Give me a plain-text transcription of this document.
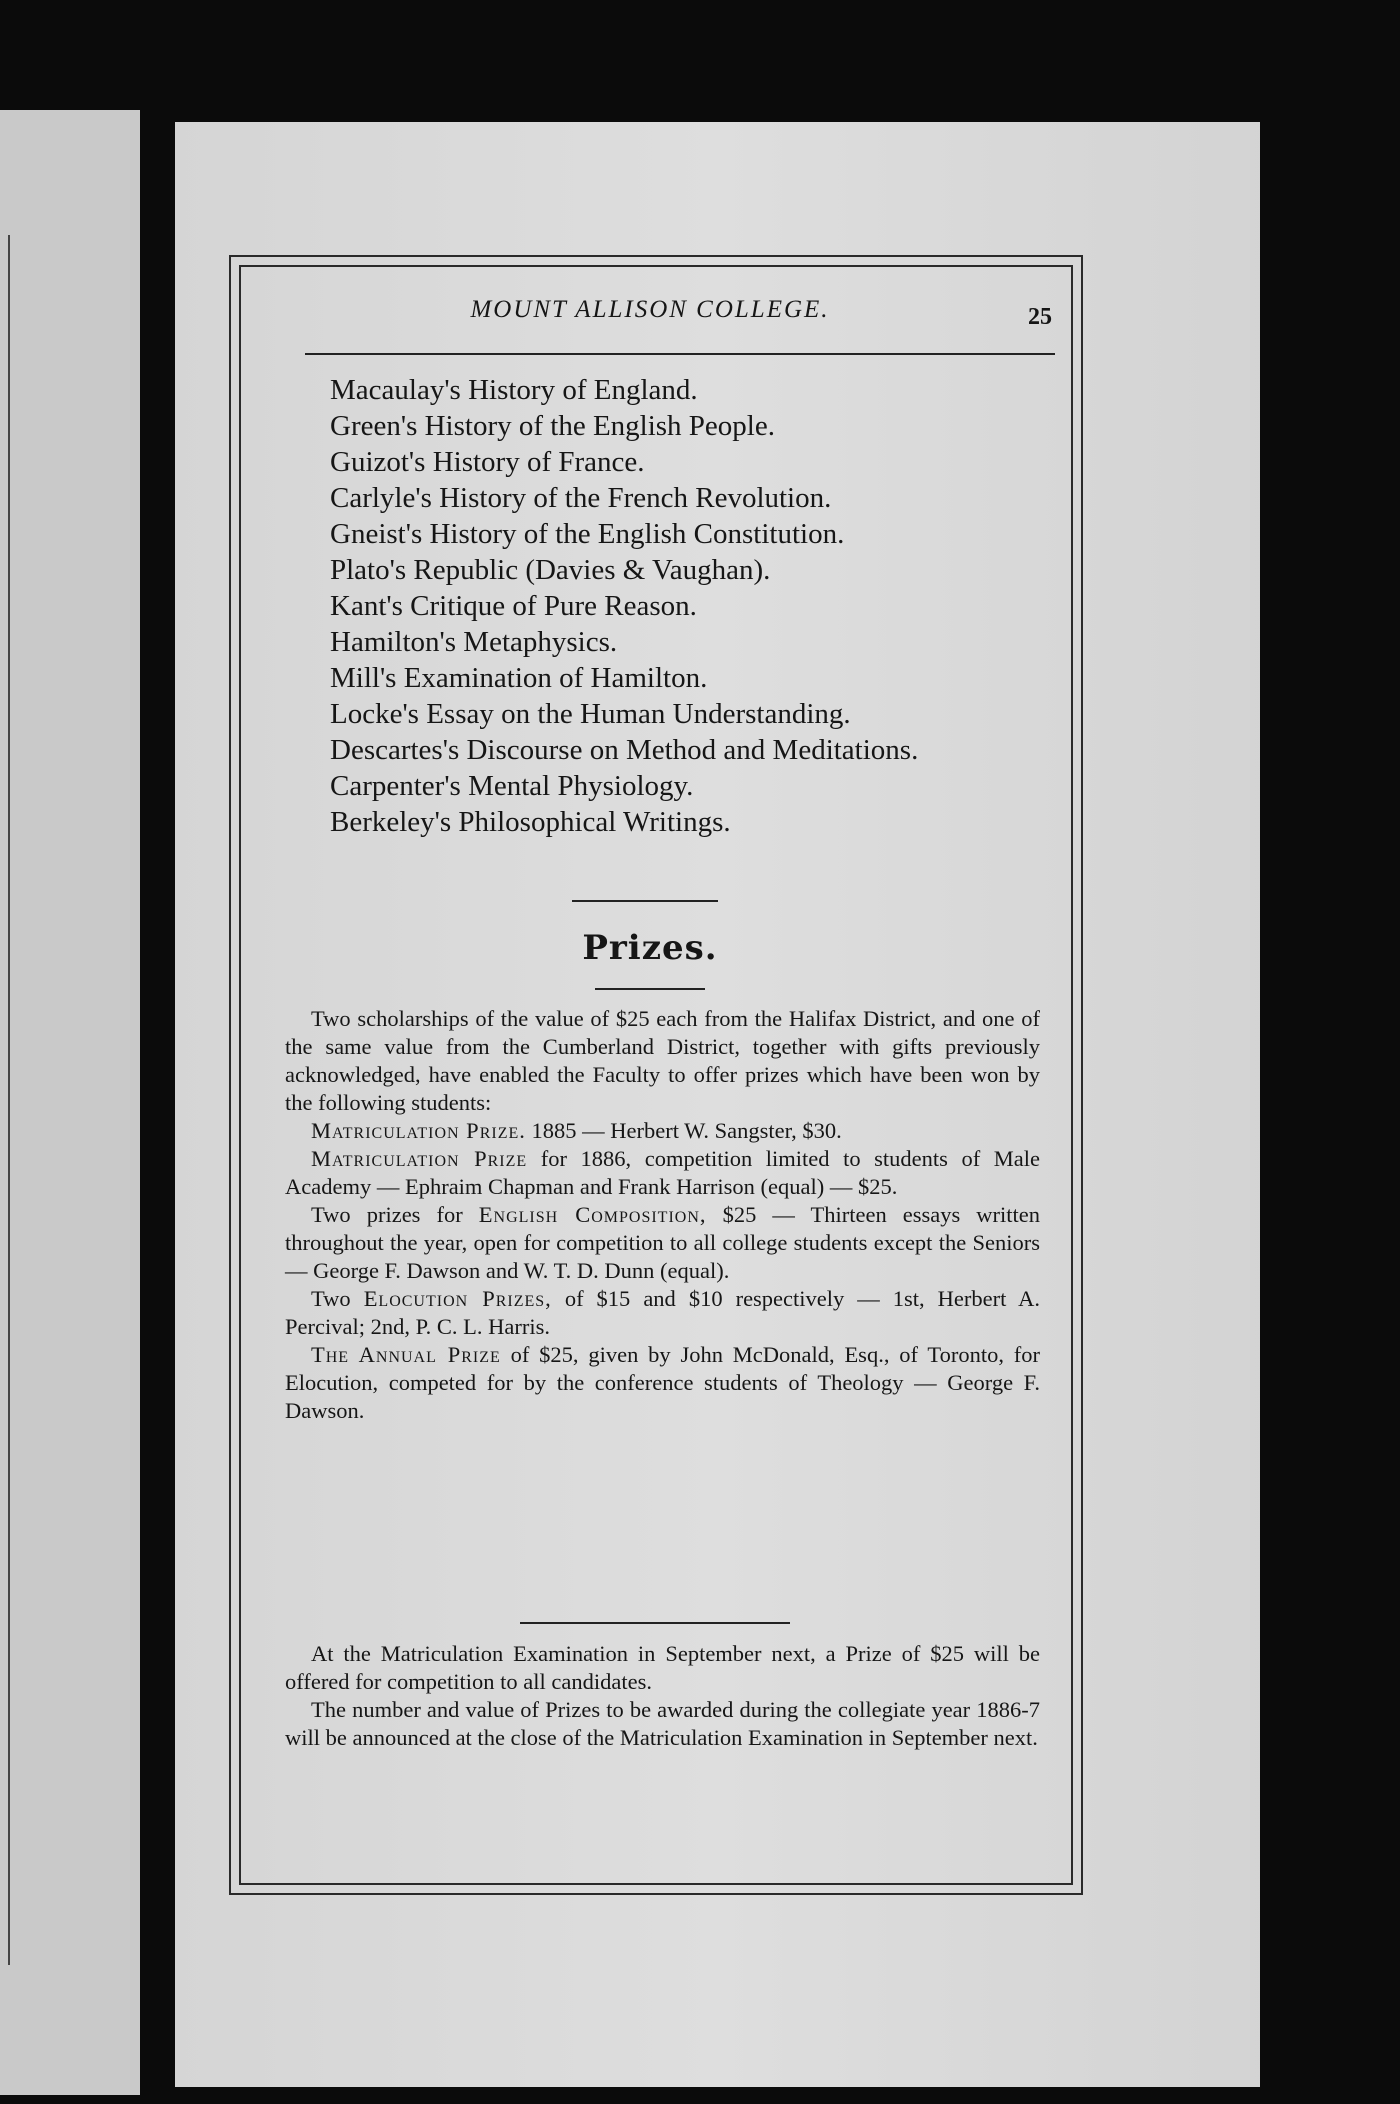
MOUNT ALLISON COLLEGE.	25
Macaulay's History of England.
Green's History of the English People.
Guizot's History of France.
Carlyle's History of the French Revolution.
Gneist's History of the English Constitution.
Plato's Republic (Davies & Vaughan).
Kant's Critique of Pure Reason.
Hamilton's Metaphysics.
Mill's Examination of Hamilton.
Locke's Essay on the Human Understanding.
Descartes's Discourse on Method and Meditations.
Carpenter's Mental Physiology.
Berkeley's Philosophical Writings.
Prizes.

Two scholarships of the value of $25 each from the Halifax District, and one of the same value from the Cumberland District, together with gifts previously acknowledged, have enabled the Faculty to offer prizes which have been won by the following students:

Matriculation Prize. 1885 — Herbert W. Sangster, $30.

Matriculation Prize for 1886, competition limited to students of Male Academy — Ephraim Chapman and Frank Harrison (equal) — $25.

Two prizes for English Composition, $25 — Thirteen essays written throughout the year, open for competition to all college students except the Seniors — George F. Dawson and W. T. D. Dunn (equal).

Two Elocution Prizes, of $15 and $10 respectively — 1st, Herbert A. Percival; 2nd, P. C. L. Harris.

The Annual Prize of $25, given by John McDonald, Esq., of Toronto, for Elocution, competed for by the conference students of Theology — George F. Dawson.

At the Matriculation Examination in September next, a Prize of $25 will be offered for competition to all candidates.

The number and value of Prizes to be awarded during the collegiate year 1886-7 will be announced at the close of the Matriculation Examination in September next.
